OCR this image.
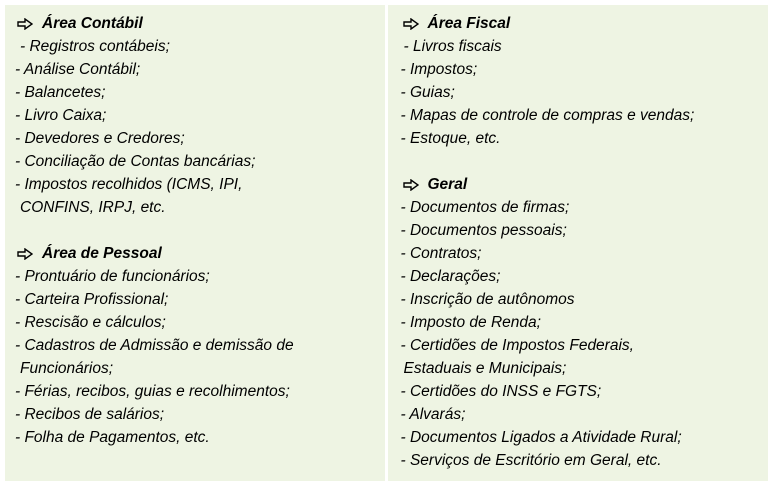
Área Contábil
- Registros contábeis;
- Análise Contábil;
- Balancetes;
- Livro Caixa;
- Devedores e Credores;
- Conciliação de Contas bancárias;
- Impostos recolhidos (ICMS, IPI,
CONFINS, IRPJ, etc.
Área de Pessoal
- Prontuário de funcionários;
- Carteira Profissional;
- Rescisão e cálculos;
- Cadastros de Admissão e demissão de
Funcionários;
- Férias, recibos, guias e recolhimentos;
- Recibos de salários;
- Folha de Pagamentos, etc.
Área Fiscal
- Livros fiscais
- Impostos;
- Guias;
- Mapas de controle de compras e vendas;
- Estoque, etc.
Geral
- Documentos de firmas;
- Documentos pessoais;
- Contratos;
- Declarações;
- Inscrição de autônomos
- Imposto de Renda;
- Certidões de Impostos Federais,
Estaduais e Municipais;
- Certidões do INSS e FGTS;
- Alvarás;
- Documentos Ligados a Atividade Rural;
- Serviços de Escritório em Geral, etc.
